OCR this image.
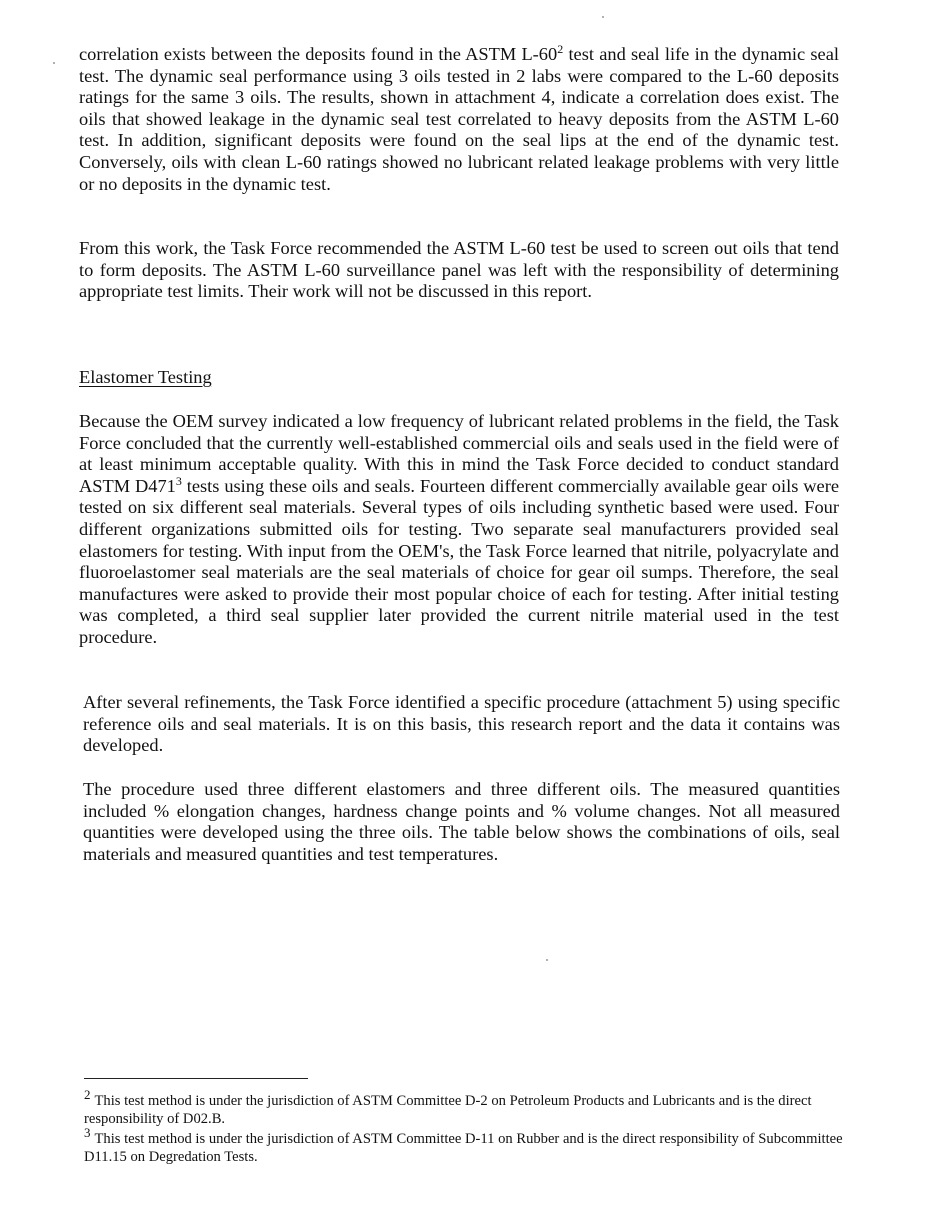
correlation exists between the deposits found in the ASTM $L-60^2$ test and seal life in the dynamic seal test. The dynamic seal performance using 3 oils tested in 2 labs were compared to the L-60 deposits ratings for the same 3 oils. The results, shown in attachment 4, indicate a correlation does exist. The oils that showed leakage in the dynamic seal test correlated to heavy deposits from the ASTM L-60 test. In addition, significant deposits were found on the seal lips at the end of the dynamic test. Conversely, oils with clean L-60 ratings showed no lubricant related leakage problems with very little or no deposits in the dynamic test.

From this work, the Task Force recommended the ASTM L-60 test be used to screen out oils that tend to form deposits. The ASTM L-60 surveillance panel was left with the responsibility of determining appropriate test limits. Their work will not be discussed in this report.

Elastomer Testing

Because the OEM survey indicated a low frequency of lubricant related problems in the field, the Task Force concluded that the currently well-established commercial oils and seals used in the field were of at least minimum acceptable quality. With this in mind the Task Force decided to conduct standard ASTM $D471^3$ tests using these oils and seals. Fourteen different commercially available gear oils were tested on six different seal materials. Several types of oils including synthetic based were used. Four different organizations submitted oils for testing. Two separate seal manufacturers provided seal elastomers for testing. With input from the OEM's, the Task Force learned that nitrile, polyacrylate and fluoroelastomer seal materials are the seal materials of choice for gear oil sumps. Therefore, the seal manufactures were asked to provide their most popular choice of each for testing. After initial testing was completed, a third seal supplier later provided the current nitrile material used in the test procedure.

After several refinements, the Task Force identified a specific procedure (attachment 5) using specific reference oils and seal materials. It is on this basis, this research report and the data it contains was developed.

The procedure used three different elastomers and three different oils. The measured quantities included % elongation changes, hardness change points and % volume changes. Not all measured quantities were developed using the three oils. The table below shows the combinations of oils, seal materials and measured quantities and test temperatures.

2 This test method is under the jurisdiction of ASTM Committee D-2 on Petroleum Products and Lubricants and is the direct responsibility of D02.B.

3 This test method is under the jurisdiction of ASTM Committee D-11 on Rubber and is the direct responsibility of Subcommittee D11.15 on Degredation Tests.
